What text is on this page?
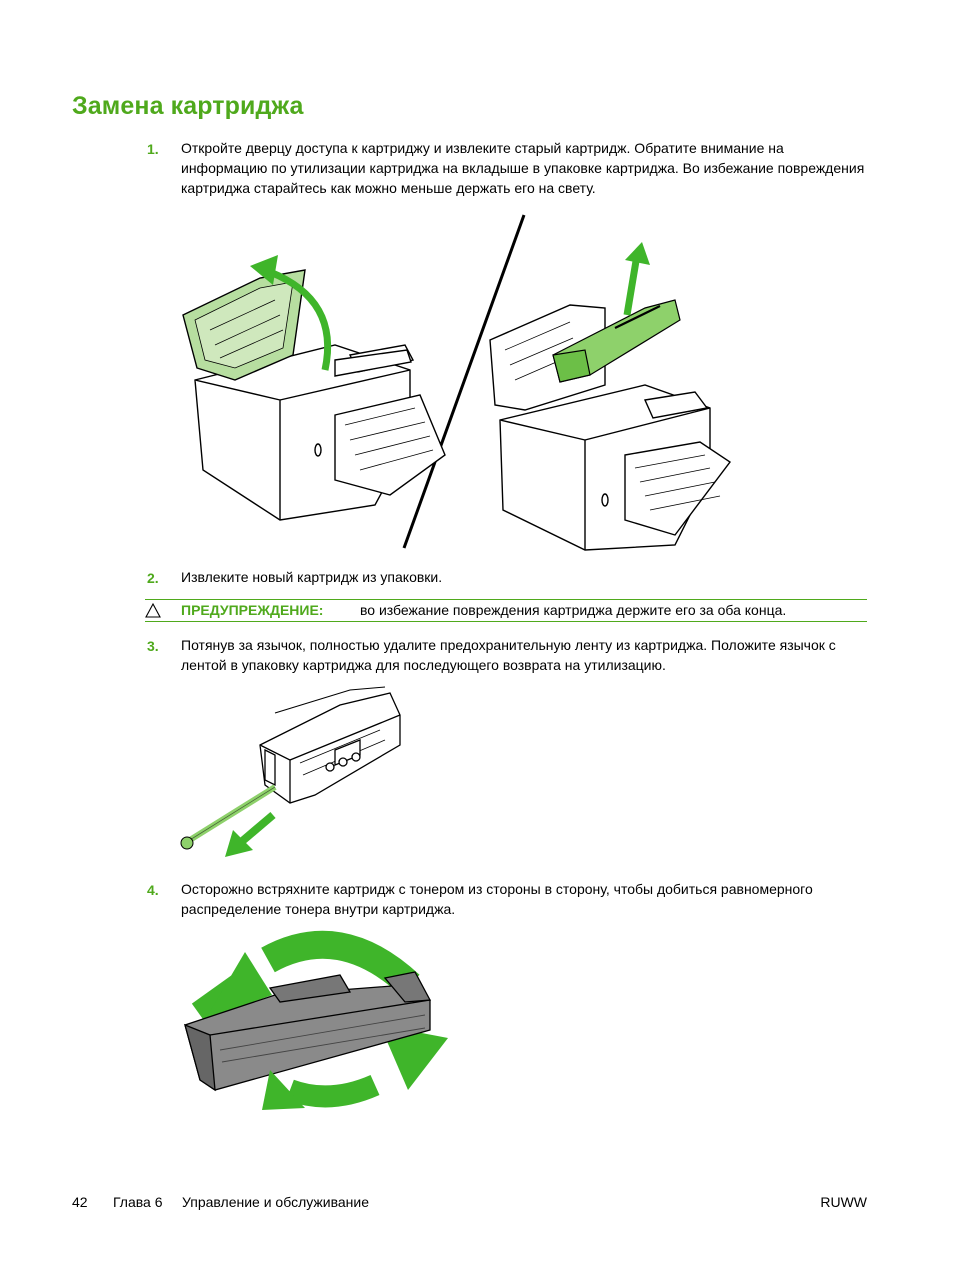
Замена картриджа
1. Откройте дверцу доступа к картриджу и извлеките старый картридж. Обратите внимание на информацию по утилизации картриджа на вкладыше в упаковке картриджа. Во избежание повреждения картриджа старайтесь как можно меньше держать его на свету.

2. Извлеките новый картридж из упаковки.

ПРЕДУПРЕЖДЕНИЕ:	во избежание повреждения картриджа держите его за оба конца.
3. Потянув за язычок, полностью удалите предохранительную ленту из картриджа. Положите язычок с лентой в упаковку картриджа для последующего возврата на утилизацию.

4. Осторожно встряхните картридж с тонером из стороны в сторону, чтобы добиться равномерного распределение тонера внутри картриджа.

42 Глава 6 Управление и обслуживание	RUWW
